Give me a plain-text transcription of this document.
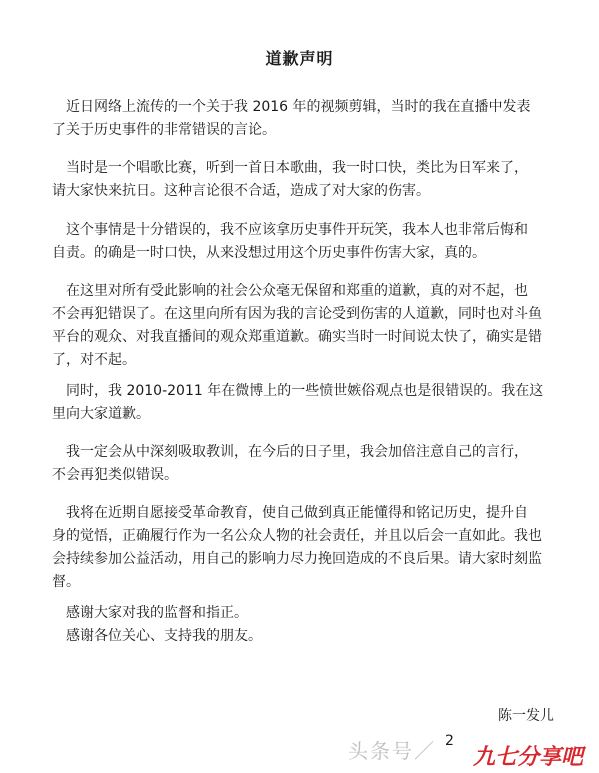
道歉声明

　近日网络上流传的一个关于我 2016 年的视频剪辑，当时的我在直播中发表
了关于历史事件的非常错误的言论。

　当时是一个唱歌比赛，听到一首日本歌曲，我一时口快，类比为日军来了，
请大家快来抗日。这种言论很不合适，造成了对大家的伤害。

　这个事情是十分错误的，我不应该拿历史事件开玩笑，我本人也非常后悔和
自责。的确是一时口快，从来没想过用这个历史事件伤害大家，真的。

　在这里对所有受此影响的社会公众毫无保留和郑重的道歉，真的对不起，也
不会再犯错误了。在这里向所有因为我的言论受到伤害的人道歉，同时也对斗鱼
平台的观众、对我直播间的观众郑重道歉。确实当时一时间说太快了，确实是错
了，对不起。

　同时，我 2010-2011 年在微博上的一些愤世嫉俗观点也是很错误的。我在这
里向大家道歉。

　我一定会从中深刻吸取教训，在今后的日子里，我会加倍注意自己的言行，
不会再犯类似错误。

　我将在近期自愿接受革命教育，使自己做到真正能懂得和铭记历史，提升自
身的觉悟，正确履行作为一名公众人物的社会责任，并且以后会一直如此。我也
会持续参加公益活动，用自己的影响力尽力挽回造成的不良后果。请大家时刻监
督。

　感谢大家对我的监督和指正。
　感谢各位关心、支持我的朋友。

陈一发儿
2
头条号／ 九七分享吧
